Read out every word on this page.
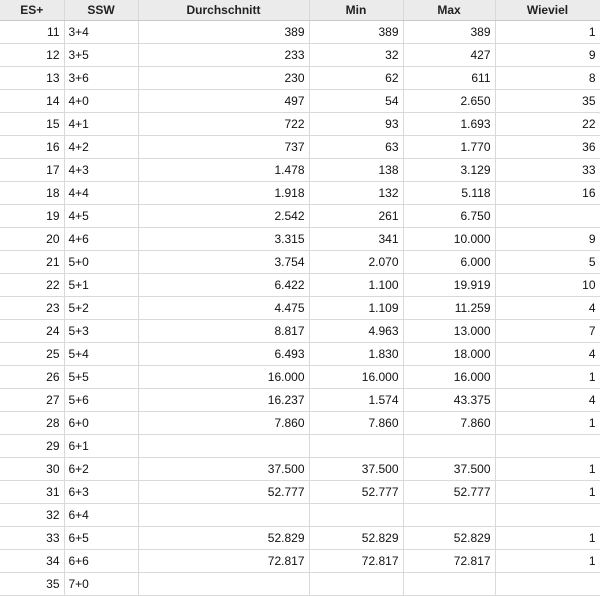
ES+	SSW	Durchschnitt	Min	Max	Wieviel
11	3+4	389	389	389	1
12	3+5	233	32	427	9
13	3+6	230	62	611	8
14	4+0	497	54	2.650	35
15	4+1	722	93	1.693	22
16	4+2	737	63	1.770	36
17	4+3	1.478	138	3.129	33
18	4+4	1.918	132	5.118	16
19	4+5	2.542	261	6.750	
20	4+6	3.315	341	10.000	9
21	5+0	3.754	2.070	6.000	5
22	5+1	6.422	1.100	19.919	10
23	5+2	4.475	1.109	11.259	4
24	5+3	8.817	4.963	13.000	7
25	5+4	6.493	1.830	18.000	4
26	5+5	16.000	16.000	16.000	1
27	5+6	16.237	1.574	43.375	4
28	6+0	7.860	7.860	7.860	1
29	6+1				
30	6+2	37.500	37.500	37.500	1
31	6+3	52.777	52.777	52.777	1
32	6+4				
33	6+5	52.829	52.829	52.829	1
34	6+6	72.817	72.817	72.817	1
35	7+0				
